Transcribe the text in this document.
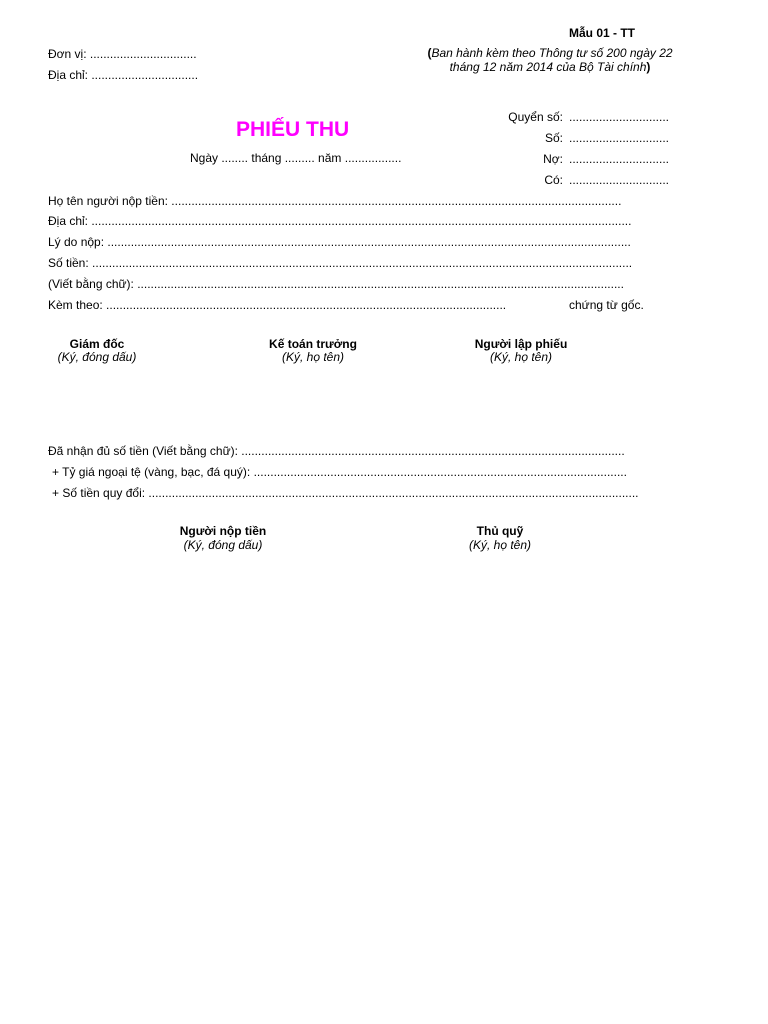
Mẫu 01 - TT
(Ban hành kèm theo Thông tư số 200 ngày 22
tháng 12 năm 2014 của Bộ Tài chính)
Đơn vị: ................................
Địa chỉ: ................................
PHIẾU THU
Ngày ........ tháng ......... năm .................
Quyển số: ..............................
Số: ..............................
Nợ: ..............................
Có: ..............................
Họ tên người nộp tiền: .......................................................................................................................................
Địa chỉ: ..................................................................................................................................................................
Lý do nộp: .............................................................................................................................................................
Số tiền: ..................................................................................................................................................................
(Viết bằng chữ): ..................................................................................................................................................
Kèm theo: ........................................................................................................................	chứng từ gốc.
Giám đốc
(Ký, đóng dấu)
Kế toán trưởng
(Ký, họ tên)
Người lập phiếu
(Ký, họ tên)
Đã nhận đủ số tiền (Viết bằng chữ): ...................................................................................................................
+ Tỷ giá ngoại tệ (vàng, bạc, đá quý): ................................................................................................................
+ Số tiền quy đổi: ...................................................................................................................................................
Người nộp tiền
(Ký, đóng dấu)
Thủ quỹ
(Ký, họ tên)
